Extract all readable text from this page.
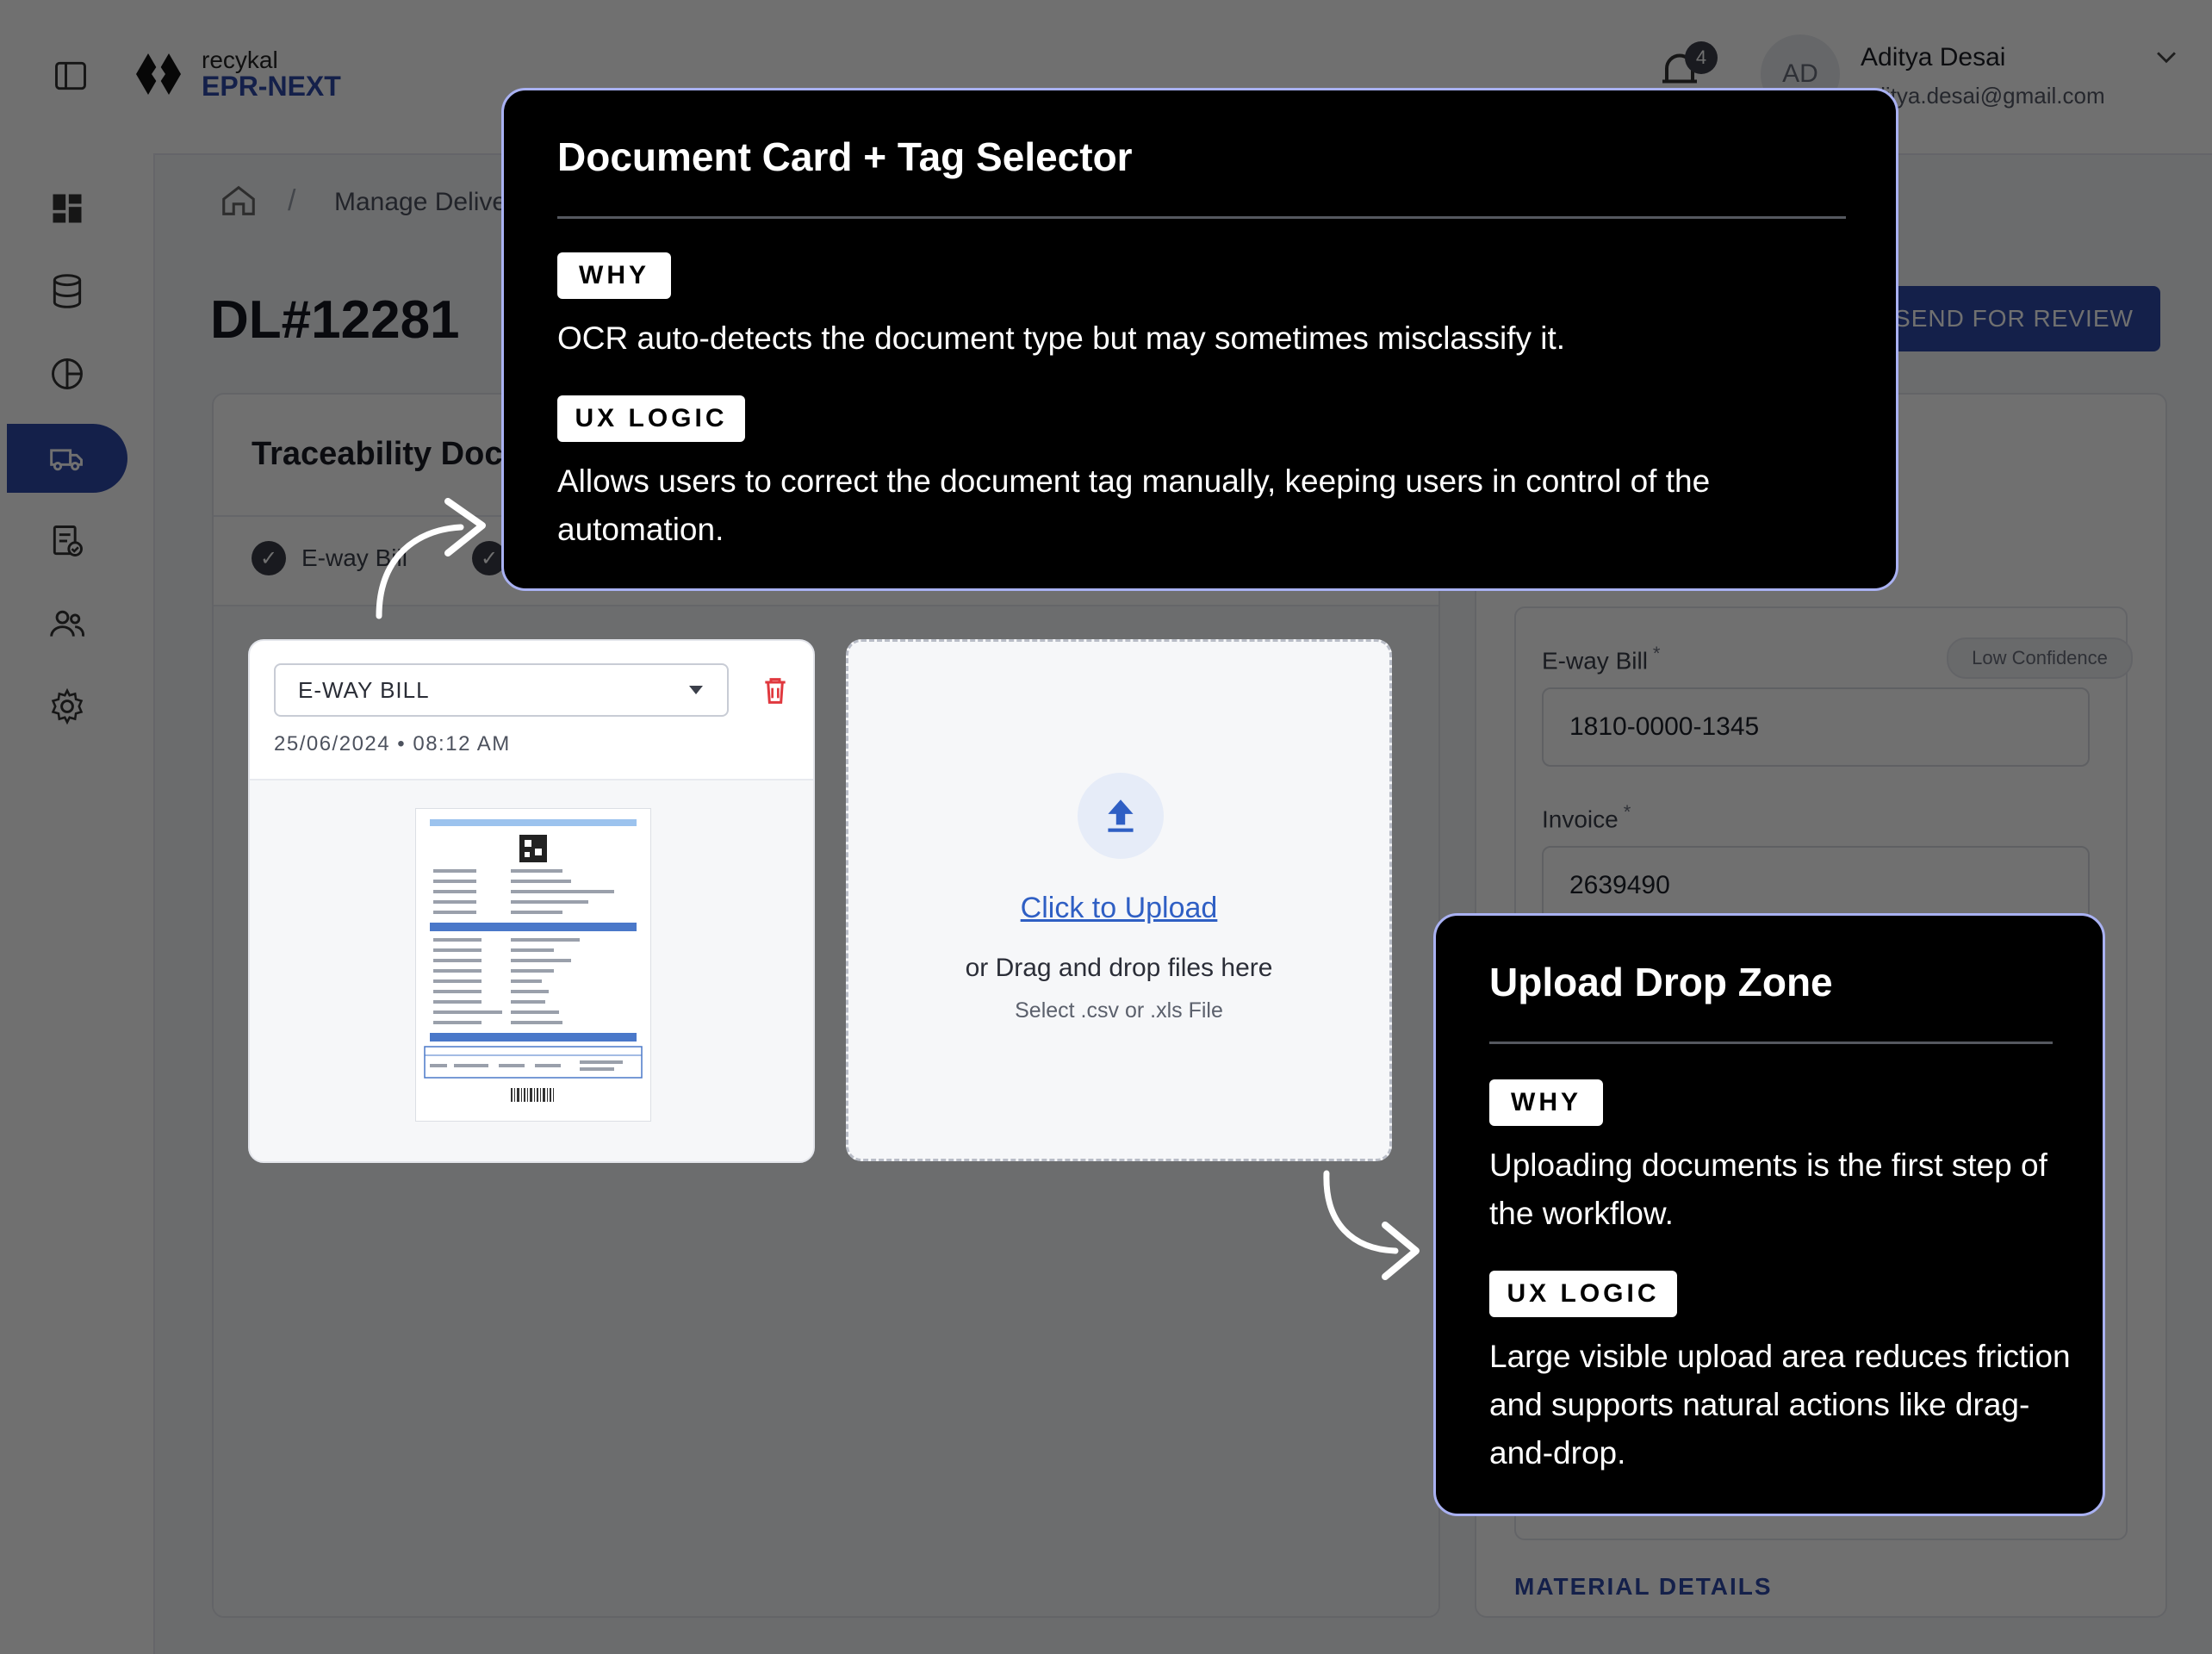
E-WAY BILL
25/06/2024 • 08:12 AM
Click to Upload
or Drag and drop files here
Select .csv or .xls File
Document Card + Tag Selector
WHY

OCR auto-detects the document type but may sometimes misclassify it.

UX LOGIC

Allows users to correct the document tag manually, keeping users in control of the automation.

Upload Drop Zone
WHY

Uploading documents is the first step of the workflow.

UX LOGIC

Large visible upload area reduces friction and supports natural actions like drag-and-drop.
